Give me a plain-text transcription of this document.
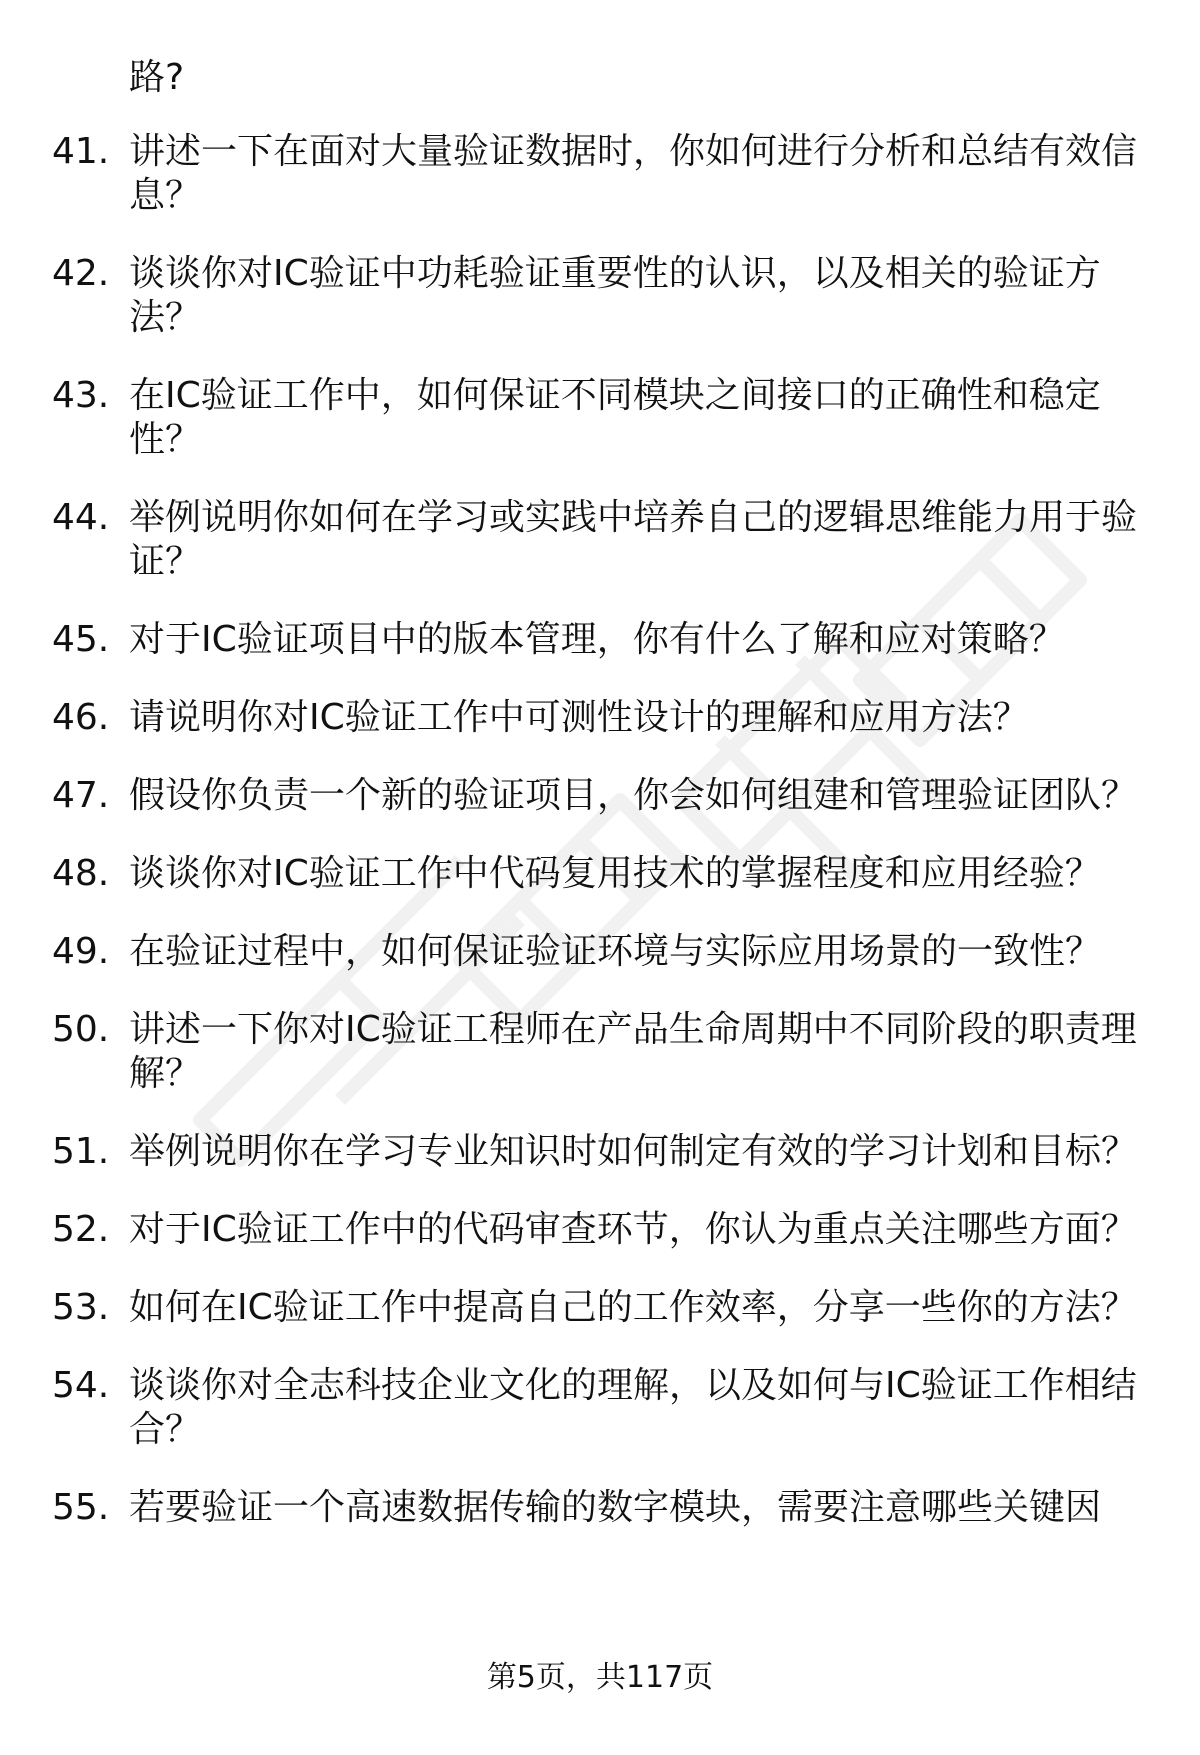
路?
41. 讲述一下在面对大量验证数据时，你如何进行分析和总结有效信
息？
42. 谈谈你对IC验证中功耗验证重要性的认识，以及相关的验证方
法？
43. 在IC验证工作中，如何保证不同模块之间接口的正确性和稳定
性？
44. 举例说明你如何在学习或实践中培养自己的逻辑思维能力用于验
证？
45. 对于IC验证项目中的版本管理，你有什么了解和应对策略？
46. 请说明你对IC验证工作中可测性设计的理解和应用方法？
47. 假设你负责一个新的验证项目，你会如何组建和管理验证团队？
48. 谈谈你对IC验证工作中代码复用技术的掌握程度和应用经验？
49. 在验证过程中，如何保证验证环境与实际应用场景的一致性？
50. 讲述一下你对IC验证工程师在产品生命周期中不同阶段的职责理
解？
51. 举例说明你在学习专业知识时如何制定有效的学习计划和目标？
52. 对于IC验证工作中的代码审查环节，你认为重点关注哪些方面？
53. 如何在IC验证工作中提高自己的工作效率，分享一些你的方法？
54. 谈谈你对全志科技企业文化的理解，以及如何与IC验证工作相结
合？
55. 若要验证一个高速数据传输的数字模块，需要注意哪些关键因
第5页，共117页
